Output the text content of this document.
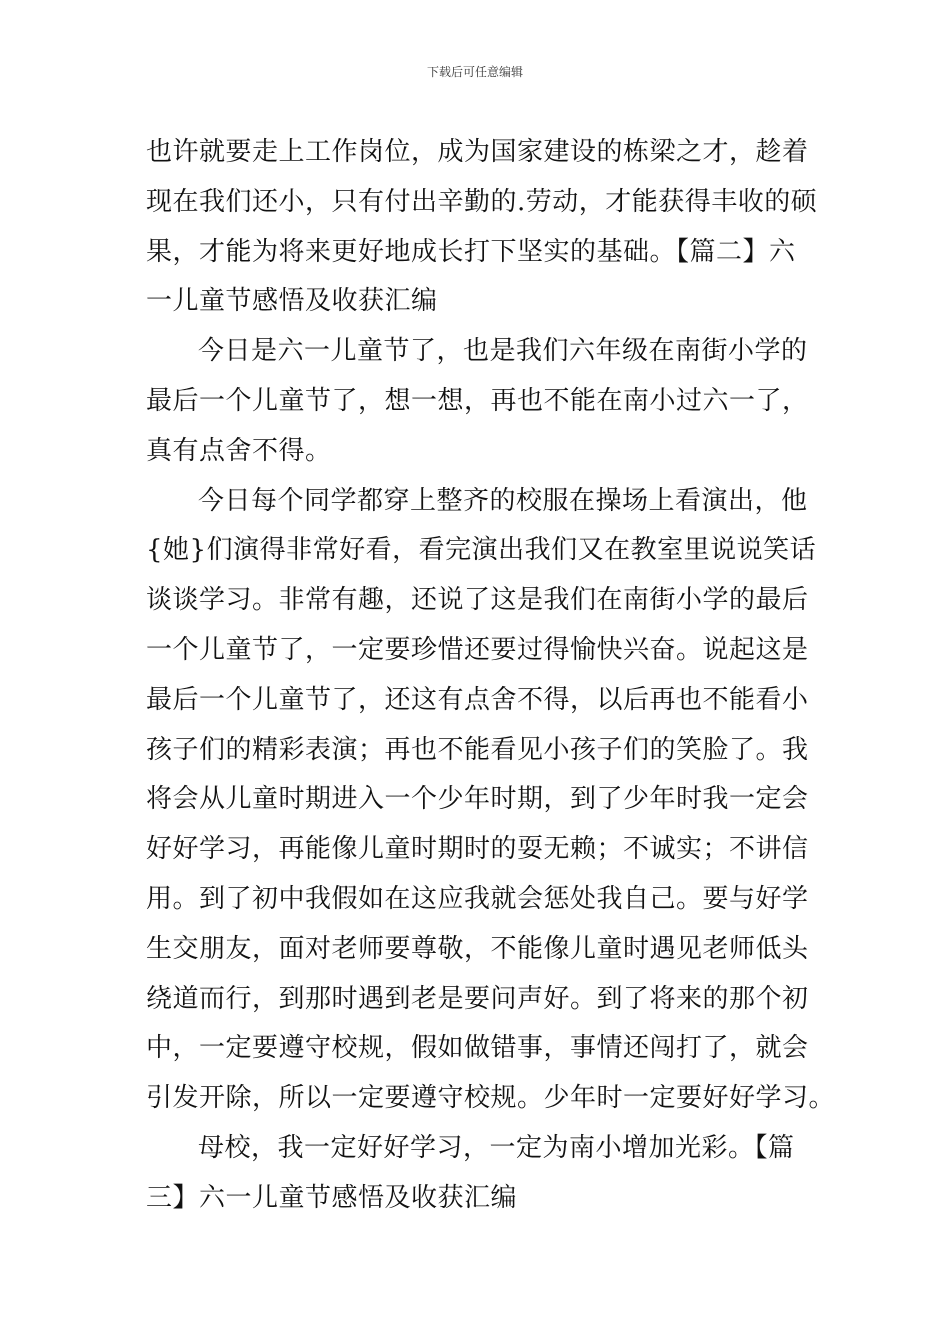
下载后可任意编辑
也许就要走上工作岗位，成为国家建设的栋梁之才，趁着
现在我们还小，只有付出辛勤的.劳动，才能获得丰收的硕
果，才能为将来更好地成长打下坚实的基础。【篇二】六
一儿童节感悟及收获汇编
今日是六一儿童节了，也是我们六年级在南街小学的
最后一个儿童节了，想一想，再也不能在南小过六一了，
真有点舍不得。
今日每个同学都穿上整齐的校服在操场上看演出，他
{她}们演得非常好看，看完演出我们又在教室里说说笑话
谈谈学习。非常有趣，还说了这是我们在南街小学的最后
一个儿童节了，一定要珍惜还要过得愉快兴奋。说起这是
最后一个儿童节了，还这有点舍不得，以后再也不能看小
孩子们的精彩表演；再也不能看见小孩子们的笑脸了。我
将会从儿童时期进入一个少年时期，到了少年时我一定会
好好学习，再能像儿童时期时的耍无赖；不诚实；不讲信
用。到了初中我假如在这应我就会惩处我自己。要与好学
生交朋友，面对老师要尊敬，不能像儿童时遇见老师低头
绕道而行，到那时遇到老是要问声好。到了将来的那个初
中，一定要遵守校规，假如做错事，事情还闯打了，就会
引发开除，所以一定要遵守校规。少年时一定要好好学习。
母校，我一定好好学习，一定为南小增加光彩。【篇
三】六一儿童节感悟及收获汇编
